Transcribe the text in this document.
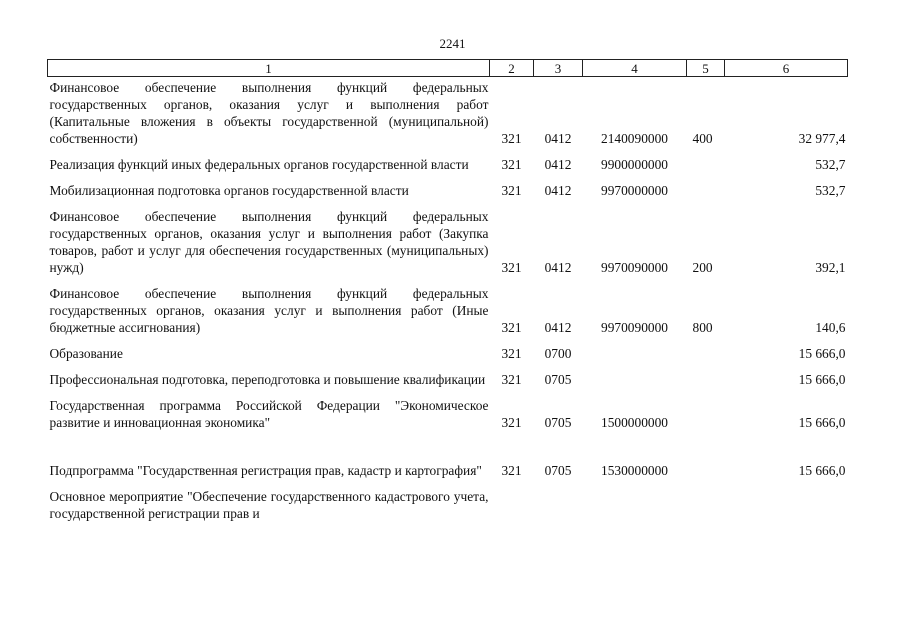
2241
1	2	3	4	5	6
Финансовое обеспечение выполнения функций федеральных государственных органов, оказания услуг и выполнения работ (Капитальные вложения в объекты государственной (муниципальной) собственности)	321	0412	2140090000	400	32 977,4
Реализация функций иных федеральных органов государственной власти	321	0412	9900000000		532,7
Мобилизационная подготовка органов государственной власти	321	0412	9970000000		532,7
Финансовое обеспечение выполнения функций федеральных государственных органов, оказания услуг и выполнения работ (Закупка товаров, работ и услуг для обеспечения государственных (муниципальных) нужд)	321	0412	9970090000	200	392,1
Финансовое обеспечение выполнения функций федеральных государственных органов, оказания услуг и выполнения работ (Иные бюджетные ассигнования)	321	0412	9970090000	800	140,6
Образование	321	0700			15 666,0
Профессиональная подготовка, переподготовка и повышение квалификации	321	0705			15 666,0
Государственная программа Российской Федерации "Экономическое развитие и инновационная экономика"	321	0705	1500000000		15 666,0
Подпрограмма "Государственная регистрация прав, кадастр и картография"	321	0705	1530000000		15 666,0
Основное мероприятие "Обеспечение государственного кадастрового учета, государственной регистрации прав и					
